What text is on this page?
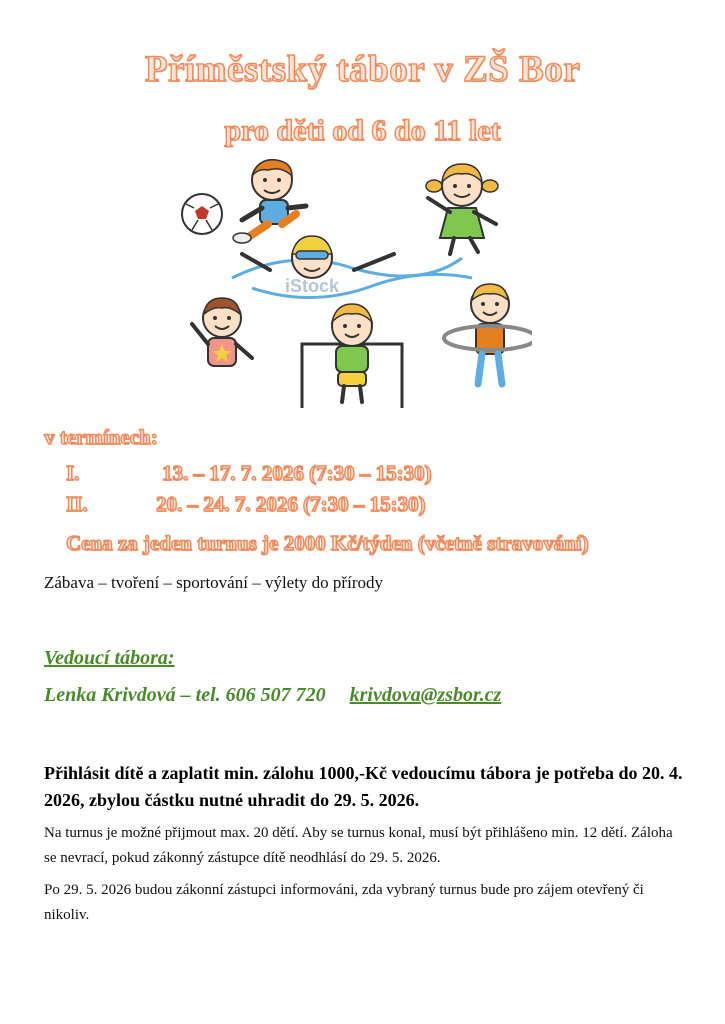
Příměstský tábor v ZŠ Bor
pro děti od 6 do 11 let
iStock
v termínech:
I.	13. – 17. 7. 2026 (7:30 – 15:30)
II.	20. – 24. 7. 2026 (7:30 – 15:30)
Cena za jeden turnus je 2000 Kč/týden (včetně stravování)
Zábava – tvoření – sportování – výlety do přírody
Vedoucí tábora:
Lenka Krivdová – tel. 606 507 720 krivdova@zsbor.cz
Přihlásit dítě a zaplatit min. zálohu 1000,-Kč vedoucímu tábora je potřeba do 20. 4. 2026, zbylou částku nutné uhradit do 29. 5. 2026.
Na turnus je možné přijmout max. 20 dětí. Aby se turnus konal, musí být přihlášeno min. 12 dětí. Záloha se nevrací, pokud zákonný zástupce dítě neodhlásí do 29. 5. 2026.
Po 29. 5. 2026 budou zákonní zástupci informováni, zda vybraný turnus bude pro zájem otevřený či nikoliv.
